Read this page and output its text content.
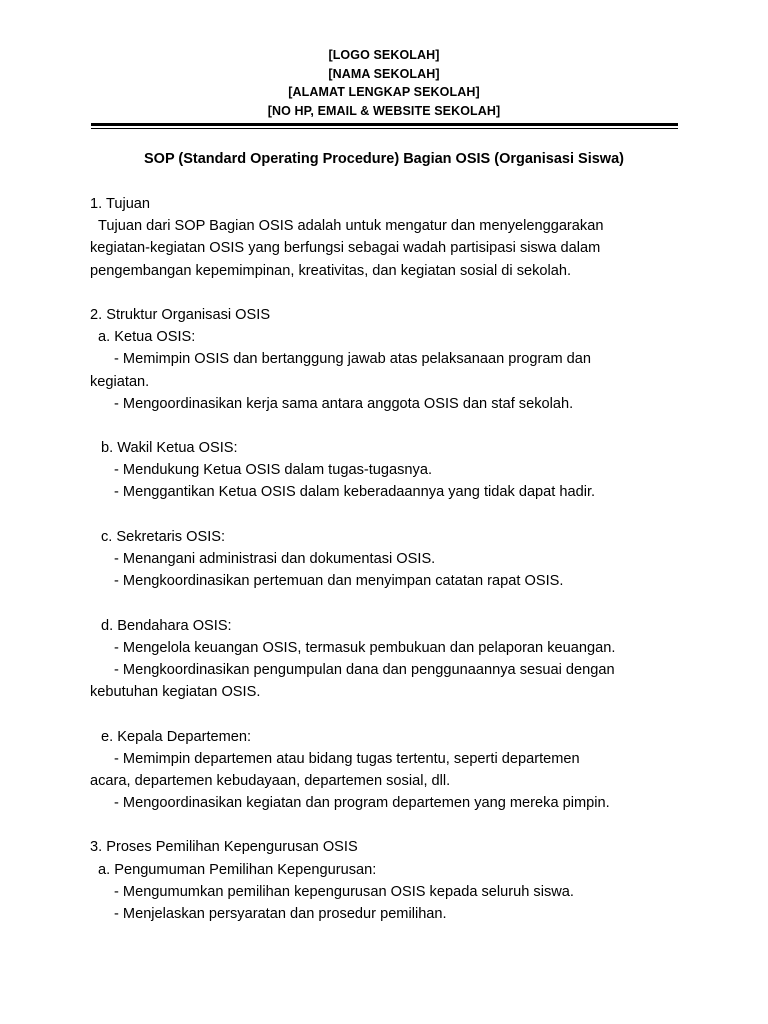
[LOGO SEKOLAH]
[NAMA SEKOLAH]
[ALAMAT LENGKAP SEKOLAH]
[NO HP, EMAIL & WEBSITE SEKOLAH]
SOP (Standard Operating Procedure) Bagian OSIS (Organisasi Siswa)
1. Tujuan
Tujuan dari SOP Bagian OSIS adalah untuk mengatur dan menyelenggarakan
kegiatan-kegiatan OSIS yang berfungsi sebagai wadah partisipasi siswa dalam
pengembangan kepemimpinan, kreativitas, dan kegiatan sosial di sekolah.
2. Struktur Organisasi OSIS
a. Ketua OSIS:
- Memimpin OSIS dan bertanggung jawab atas pelaksanaan program dan
kegiatan.
- Mengoordinasikan kerja sama antara anggota OSIS dan staf sekolah.
b. Wakil Ketua OSIS:
- Mendukung Ketua OSIS dalam tugas-tugasnya.
- Menggantikan Ketua OSIS dalam keberadaannya yang tidak dapat hadir.
c. Sekretaris OSIS:
- Menangani administrasi dan dokumentasi OSIS.
- Mengkoordinasikan pertemuan dan menyimpan catatan rapat OSIS.
d. Bendahara OSIS:
- Mengelola keuangan OSIS, termasuk pembukuan dan pelaporan keuangan.
- Mengkoordinasikan pengumpulan dana dan penggunaannya sesuai dengan
kebutuhan kegiatan OSIS.
e. Kepala Departemen:
- Memimpin departemen atau bidang tugas tertentu, seperti departemen
acara, departemen kebudayaan, departemen sosial, dll.
- Mengoordinasikan kegiatan dan program departemen yang mereka pimpin.
3. Proses Pemilihan Kepengurusan OSIS
a. Pengumuman Pemilihan Kepengurusan:
- Mengumumkan pemilihan kepengurusan OSIS kepada seluruh siswa.
- Menjelaskan persyaratan dan prosedur pemilihan.
